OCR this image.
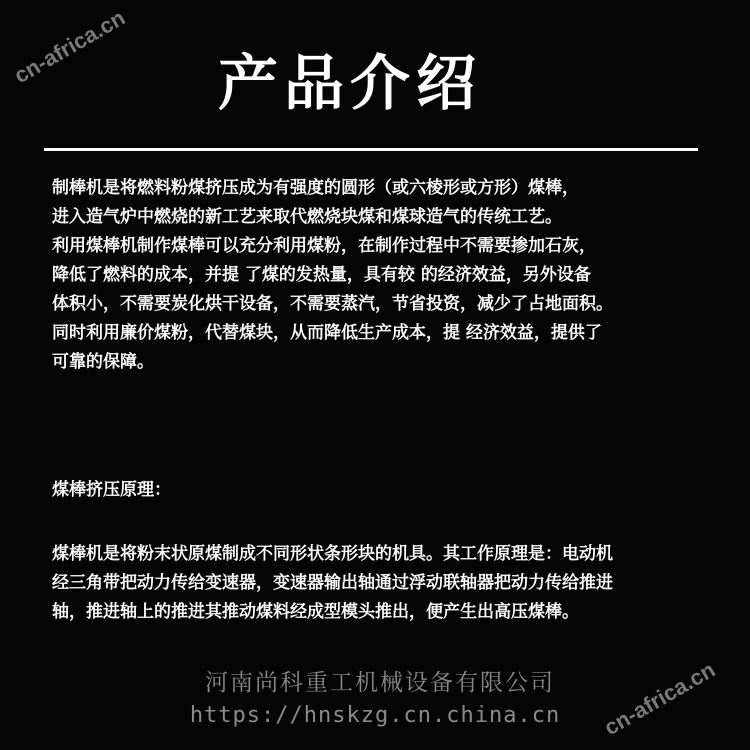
cn-africa.cn	产品介绍

制棒机是将燃料粉煤挤压成为有强度的圆形（或六棱形或方形）煤棒，

进入造气炉中燃烧的新工艺来取代燃烧块煤和煤球造气的传统工艺。

利用煤棒机制作煤棒可以充分利用煤粉，在制作过程中不需要掺加石灰，

降低了燃料的成本，并提 了煤的发热量，具有较 的经济效益，另外设备

体积小，不需要炭化烘干设备，不需要蒸汽，节省投资，减少了占地面积。

同时利用廉价煤粉，代替煤块，从而降低生产成本，提 经济效益，提供了

可靠的保障。

煤棒挤压原理：

煤棒机是将粉末状原煤制成不同形状条形块的机具。其工作原理是：电动机

经三角带把动力传给变速器，变速器输出轴通过浮动联轴器把动力传给推进

轴，推进轴上的推进其推动煤料经成型模头推出，便产生出高压煤棒。

河南尚科重工机械设备有限公司
https://hnskzg.cn.china.cn	cn-africa.cn
